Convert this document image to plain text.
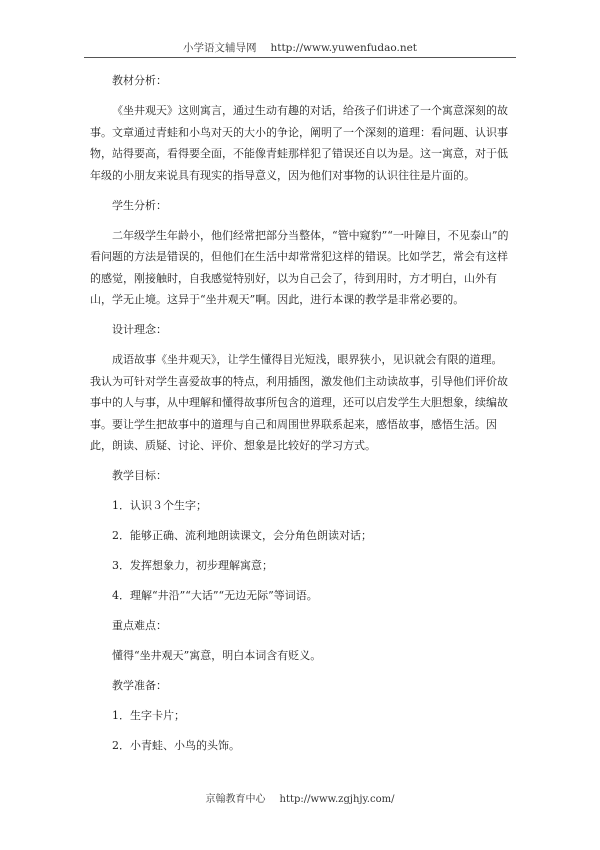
小学语文辅导网 http://www.yuwenfudao.net

教材分析：

《坐井观天》这则寓言，通过生动有趣的对话，给孩子们讲述了一个寓意深刻的故事。文章通过青蛙和小鸟对天的大小的争论，阐明了一个深刻的道理：看问题、认识事物，站得要高，看得要全面，不能像青蛙那样犯了错误还自以为是。这一寓意，对于低年级的小朋友来说具有现实的指导意义，因为他们对事物的认识往往是片面的。

学生分析：

二年级学生年龄小，他们经常把部分当整体，“管中窥豹”“一叶障目，不见泰山”的看问题的方法是错误的，但他们在生活中却常常犯这样的错误。比如学艺，常会有这样的感觉，刚接触时，自我感觉特别好，以为自己会了，待到用时，方才明白，山外有山，学无止境。这异于“坐井观天”啊。因此，进行本课的教学是非常必要的。

设计理念：

成语故事《坐井观天》，让学生懂得目光短浅，眼界狭小，见识就会有限的道理。我认为可针对学生喜爱故事的特点，利用插图，激发他们主动读故事，引导他们评价故事中的人与事，从中理解和懂得故事所包含的道理，还可以启发学生大胆想象，续编故事。要让学生把故事中的道理与自己和周围世界联系起来，感悟故事，感悟生活。因此，朗读、质疑、讨论、评价、想象是比较好的学习方式。

教学目标：

1．认识３个生字；

2．能够正确、流利地朗读课文，会分角色朗读对话；

3．发挥想象力，初步理解寓意；

4．理解“井沿”“大话”“无边无际”等词语。

重点难点：

懂得“坐井观天”寓意，明白本词含有贬义。

教学准备：

1．生字卡片；

2．小青蛙、小鸟的头饰。

京翰教育中心 http://www.zgjhjy.com/
